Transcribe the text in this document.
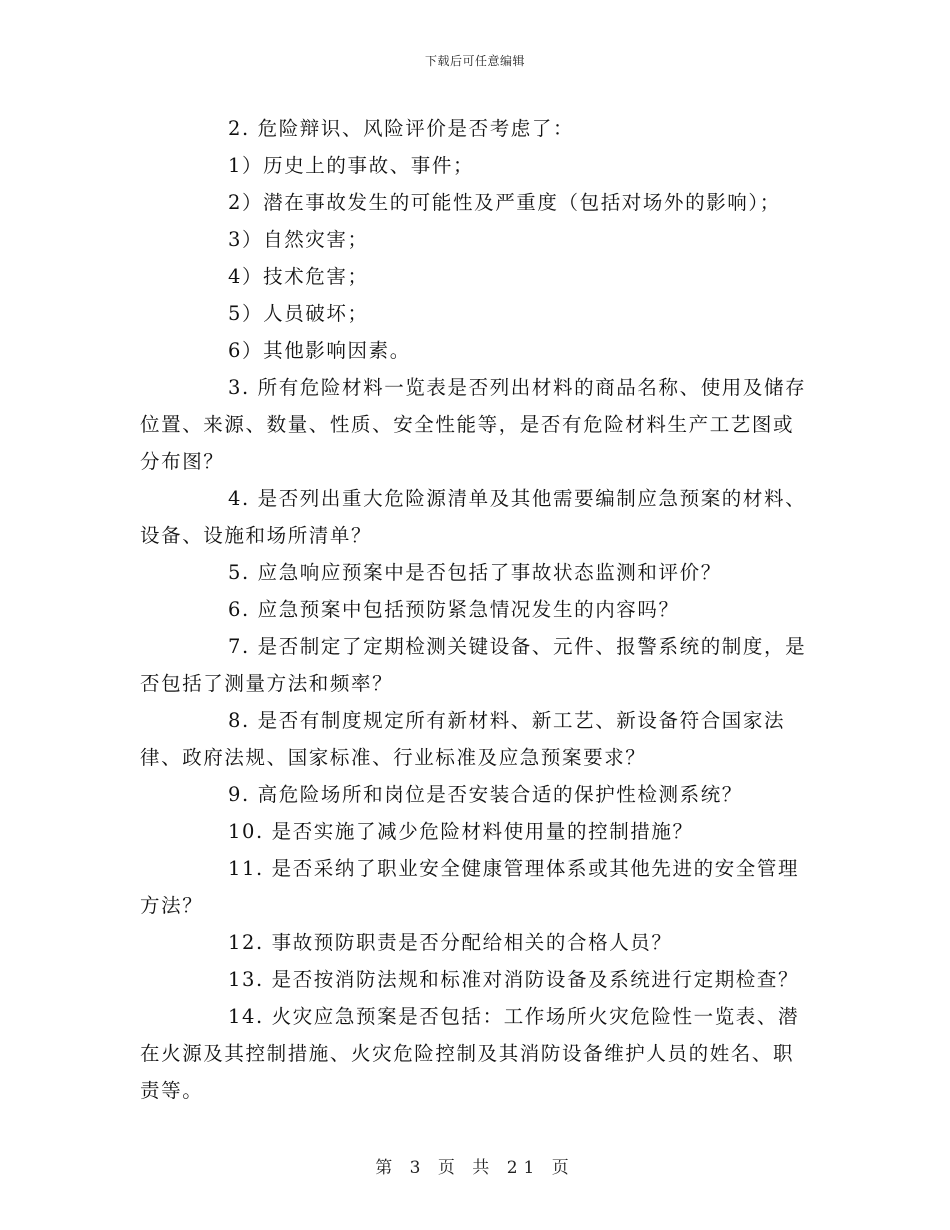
下载后可任意编辑

2. 危险辩识、风险评价是否考虑了：

1）历史上的事故、事件；

2）潜在事故发生的可能性及严重度（包括对场外的影响）；

3）自然灾害；

4）技术危害；

5）人员破坏；

6）其他影响因素。

3. 所有危险材料一览表是否列出材料的商品名称、使用及储存位置、来源、数量、性质、安全性能等，是否有危险材料生产工艺图或分布图？

4. 是否列出重大危险源清单及其他需要编制应急预案的材料、设备、设施和场所清单？

5. 应急响应预案中是否包括了事故状态监测和评价？

6. 应急预案中包括预防紧急情况发生的内容吗？

7. 是否制定了定期检测关键设备、元件、报警系统的制度，是否包括了测量方法和频率？

8. 是否有制度规定所有新材料、新工艺、新设备符合国家法律、政府法规、国家标准、行业标准及应急预案要求？

9. 高危险场所和岗位是否安装合适的保护性检测系统？

10. 是否实施了减少危险材料使用量的控制措施？

11. 是否采纳了职业安全健康管理体系或其他先进的安全管理方法？

12. 事故预防职责是否分配给相关的合格人员？

13. 是否按消防法规和标准对消防设备及系统进行定期检查？

14. 火灾应急预案是否包括：工作场所火灾危险性一览表、潜在火源及其控制措施、火灾危险控制及其消防设备维护人员的姓名、职责等。

第 3 页 共 21 页
